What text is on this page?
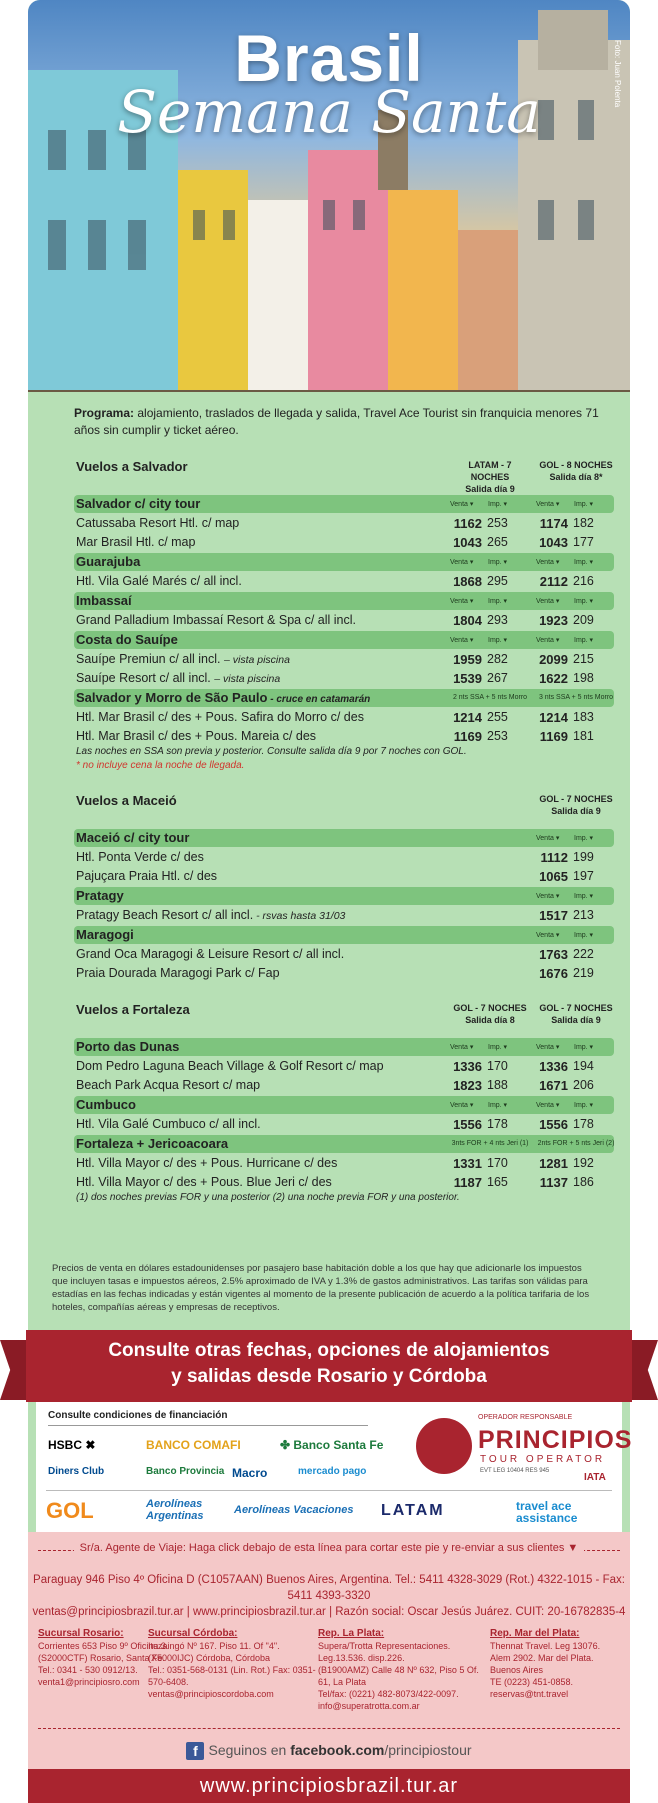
Brasil
Semana Santa
Foto: Juan Polenta
Programa: alojamiento, traslados de llegada y salida, Travel Ace Tourist sin franquicia menores 71 años sin cumplir y ticket aéreo.
Vuelos a Salvador	LATAM - 7 NOCHES
Salida día 9
GOL - 8 NOCHES
Salida día 8*
Salvador c/ city tour	Venta ▾ Imp. ▾	Venta ▾ Imp. ▾
Catussaba Resort Htl. c/ map	1162 253	1174 182
Mar Brasil Htl. c/ map	1043 265	1043 177
Guarajuba	Venta ▾ Imp. ▾	Venta ▾ Imp. ▾
Htl. Vila Galé Marés c/ all incl.	1868 295	2112 216
Imbassaí	Venta ▾ Imp. ▾	Venta ▾ Imp. ▾
Grand Palladium Imbassaí Resort & Spa c/ all incl.	1804 293	1923 209
Costa do Sauípe	Venta ▾ Imp. ▾	Venta ▾ Imp. ▾
Sauípe Premiun c/ all incl. – vista piscina	1959 282	2099 215
Sauípe Resort c/ all incl. – vista piscina	1539 267	1622 198
Salvador y Morro de São Paulo - cruce en catamarán	2 nts SSA + 5 nts Morro	3 nts SSA + 5 nts Morro
Htl. Mar Brasil c/ des + Pous. Safira do Morro c/ des	1214 255	1214 183
Htl. Mar Brasil c/ des + Pous. Mareia c/ des	1169 253	1169 181
Las noches en SSA son previa y posterior. Consulte salida día 9 por 7 noches con GOL.
* no incluye cena la noche de llegada.
Vuelos a Maceió	GOL - 7 NOCHES
Salida día 9
Maceió c/ city tour	Venta ▾ Imp. ▾
Htl. Ponta Verde c/ des	1112 199
Pajuçara Praia Htl. c/ des	1065 197
Pratagy	Venta ▾ Imp. ▾
Pratagy Beach Resort c/ all incl. - rsvas hasta 31/03	1517 213
Maragogi	Venta ▾ Imp. ▾
Grand Oca Maragogi & Leisure Resort c/ all incl.	1763 222
Praia Dourada Maragogi Park c/ Fap	1676 219
Vuelos a Fortaleza	GOL - 7 NOCHES
Salida día 8
GOL - 7 NOCHES
Salida día 9
Porto das Dunas	Venta ▾ Imp. ▾	Venta ▾ Imp. ▾
Dom Pedro Laguna Beach Village & Golf Resort c/ map	1336 170	1336 194
Beach Park Acqua Resort c/ map	1823 188	1671 206
Cumbuco	Venta ▾ Imp. ▾	Venta ▾ Imp. ▾
Htl. Vila Galé Cumbuco c/ all incl.	1556 178	1556 178
Fortaleza + Jericoacoara	3nts FOR + 4 nts Jeri (1) 2nts FOR + 5 nts Jeri (2)
Htl. Villa Mayor c/ des + Pous. Hurricane c/ des	1331 170	1281 192
Htl. Villa Mayor c/ des + Pous. Blue Jeri c/ des	1187 165	1137 186
(1) dos noches previas FOR y una posterior (2) una noche previa FOR y una posterior.
Precios de venta en dólares estadounidenses por pasajero base habitación doble a los que hay que adicionarle los impuestos que incluyen tasas e impuestos aéreos, 2.5% aproximado de IVA y 1.3% de gastos administrativos. Las tarifas son válidas para estadías en las fechas indicadas y están vigentes al momento de la presente publicación de acuerdo a la política tarifaria de los hoteles, compañías aéreas y empresas de receptivos.
Consulte otras fechas, opciones de alojamientos
y salidas desde Rosario y Córdoba
Consulte condiciones de financiación
HSBC ✖	BANCO COMAFI	✤ Banco Santa Fe
Diners Club	Banco Provincia Macro	mercado pago
OPERADOR RESPONSABLE
PRINCIPIOS
TOUR OPERATOR
EVT LEG 10404 RES 945
IATA
GOL	Aerolíneas Argentinas	Aerolíneas Vacaciones LATAM	travel ace assistance
Sr/a. Agente de Viaje: Haga click debajo de esta línea para cortar este pie y re-enviar a sus clientes ▼
Paraguay 946 Piso 4º Oficina D (C1057AAN) Buenos Aires, Argentina. Tel.: 5411 4328-3029 (Rot.) 4322-1015 - Fax: 5411 4393-3320
ventas@principiosbrazil.tur.ar | www.principiosbrazil.tur.ar | Razón social: Oscar Jesús Juárez. CUIT: 20-16782835-4
Sucursal Rosario:
Corrientes 653 Piso 9º Oficina 3.
(S2000CTF) Rosario, Santa Fe.
Tel.: 0341 - 530 0912/13.
venta1@principiosro.com
Sucursal Córdoba:
Ituzaingó Nº 167. Piso 11. Of "4".
(X5000IJC) Córdoba, Córdoba
Tel.: 0351-568-0131 (Lin. Rot.) Fax: 0351-570-6408.
ventas@principioscordoba.com
Rep. La Plata:
Supera/Trotta Representaciones. Leg.13.536. disp.226.
(B1900AMZ) Calle 48 Nº 632, Piso 5 Of. 61, La Plata
Tel/fax: (0221) 482-8073/422-0097.
info@superatrotta.com.ar
Rep. Mar del Plata:
Thennat Travel. Leg 13076.
Alem 2902. Mar del Plata. Buenos Aires
TE (0223) 451-0858.
reservas@tnt.travel
f Seguinos en facebook.com/principiostour
www.principiosbrazil.tur.ar
